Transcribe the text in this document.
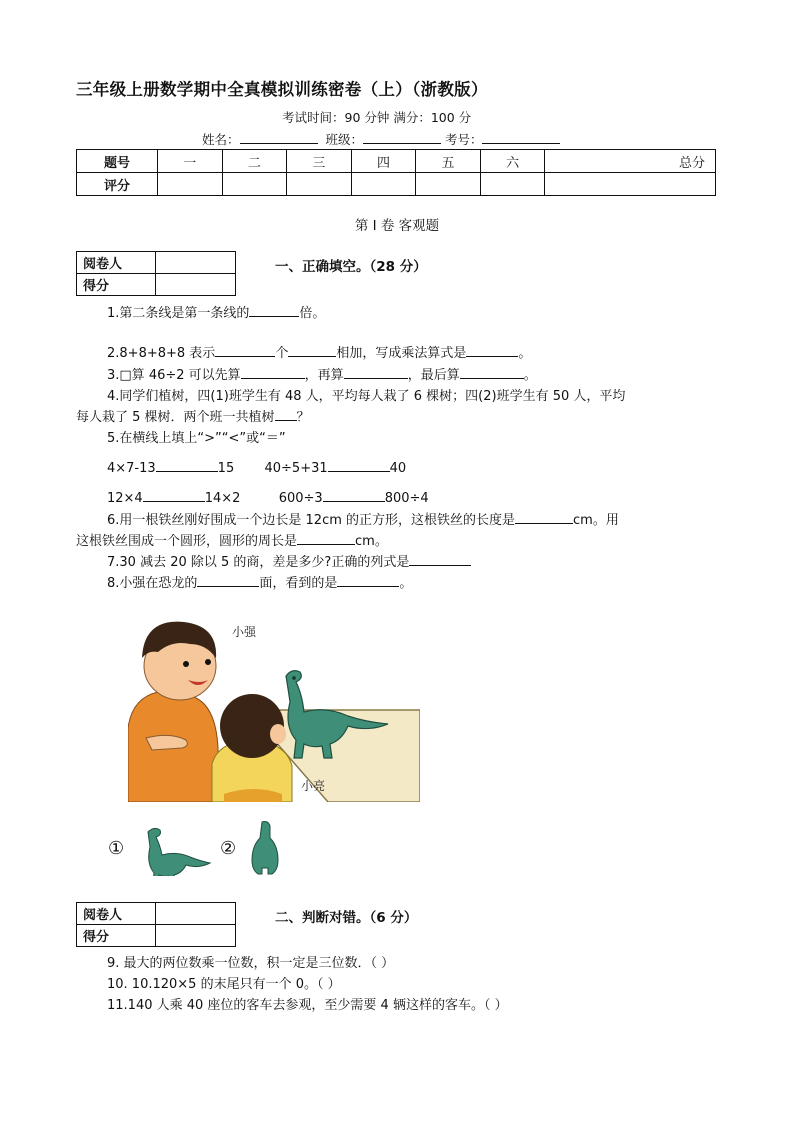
三年级上册数学期中全真模拟训练密卷（上）（浙教版）
考试时间：90 分钟 满分：100 分
姓名：	班级：	考号：
题号	一	二	三	四	五	六	总分
评分							
第 I 卷 客观题
阅卷人	
得分	
一、正确填空。（28 分）
1.第二条线是第一条线的	倍。
2.8+8+8+8 表示	个	相加，写成乘法算式是	。
3.□算 46÷2 可以先算	，再算	，最后算	。
4.同学们植树，四(1)班学生有 48 人，平均每人栽了 6 棵树；四(2)班学生有 50 人，平均
每人栽了 5 棵树．两个班一共植树 ？
5.在横线上填上“>”“<”或“＝”
4×7-13	15 40÷5+31	40
12×4	14×2	600÷3	800÷4
6.用一根铁丝刚好围成一个边长是 12cm 的正方形，这根铁丝的长度是	cm。用
这根铁丝围成一个圆形，圆形的周长是	cm。
7.30 减去 20 除以 5 的商，差是多少?正确的列式是
8.小强在恐龙的	面，看到的是	。
小强
小亮
①	②
阅卷人	
得分	
二、判断对错。（6 分）
9. 最大的两位数乘一位数，积一定是三位数．（ ）
10. 10.120×5 的末尾只有一个 0。（ ）
11.140 人乘 40 座位的客车去参观，至少需要 4 辆这样的客车。（ ）
